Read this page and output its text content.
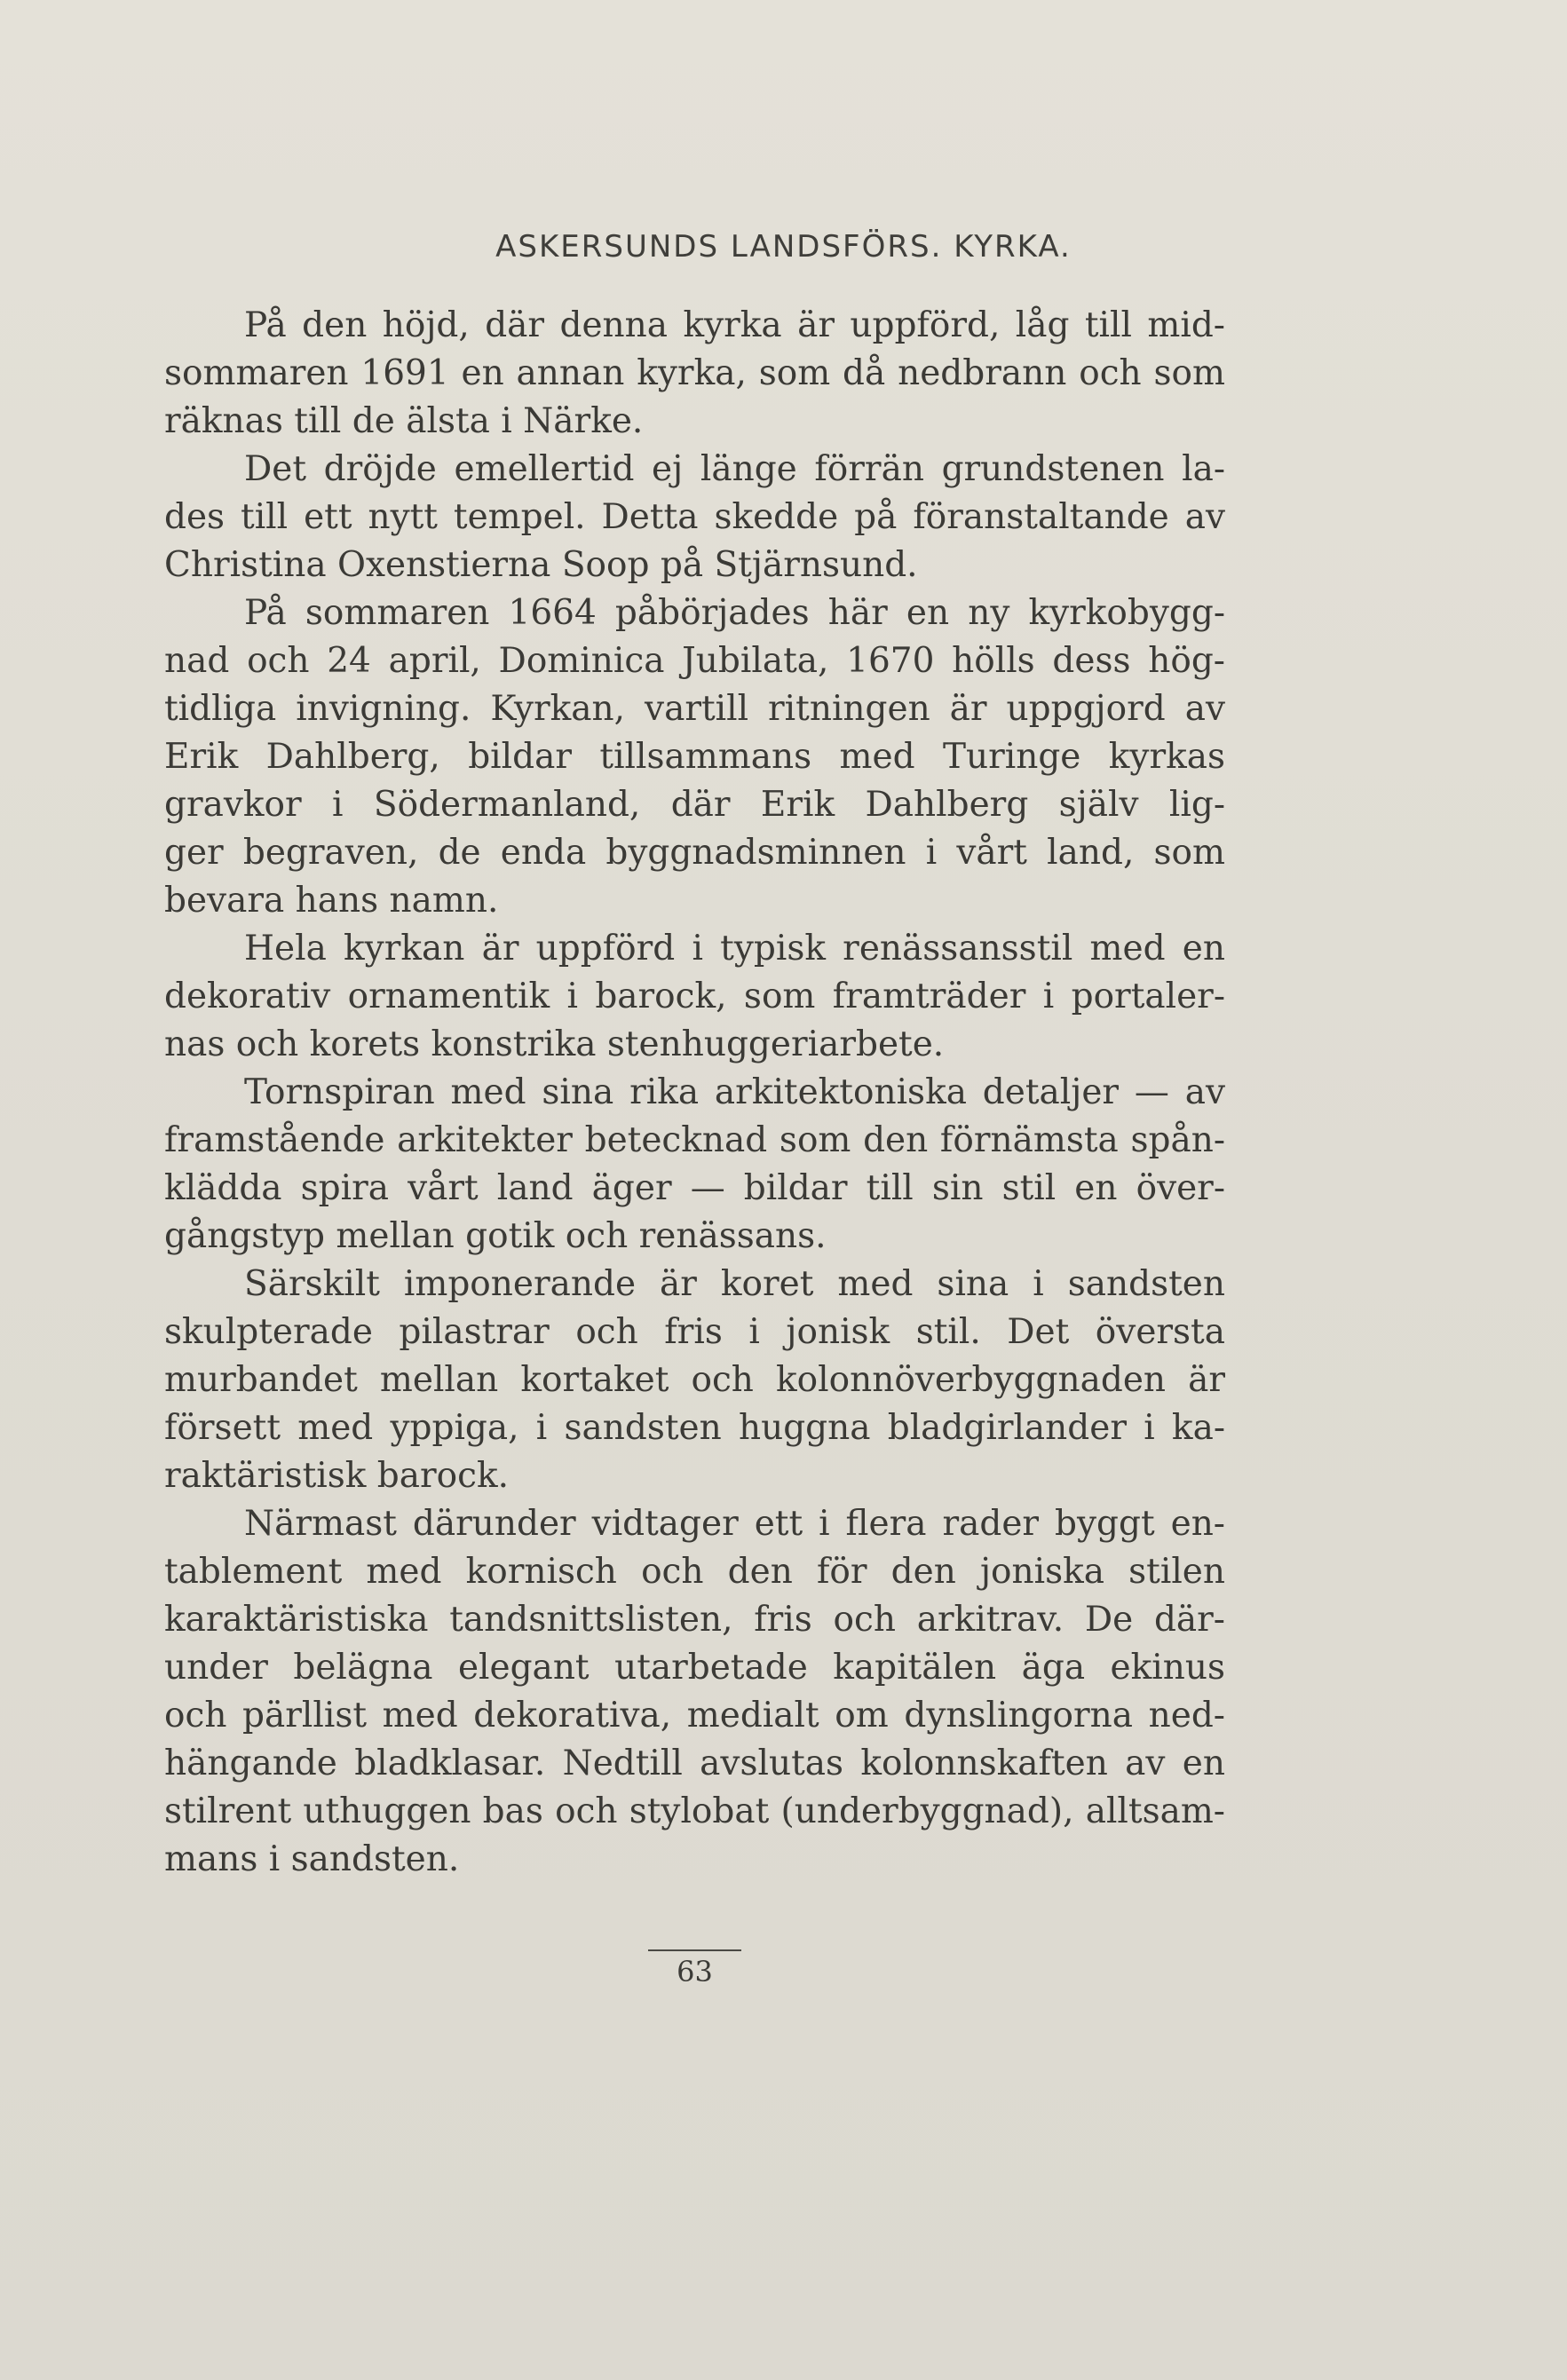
ASKERSUNDS LANDSFÖRS. KYRKA.
På den höjd, där denna kyrka är uppförd, låg till mid-
sommaren 1691 en annan kyrka, som då nedbrann och som
räknas till de älsta i Närke.
Det dröjde emellertid ej länge förrän grundstenen la-
des till ett nytt tempel. Detta skedde på föranstaltande av
Christina Oxenstierna Soop på Stjärnsund.
På sommaren 1664 påbörjades här en ny kyrkobygg-
nad och 24 april, Dominica Jubilata, 1670 hölls dess hög-
tidliga invigning. Kyrkan, vartill ritningen är uppgjord av
Erik Dahlberg, bildar tillsammans med Turinge kyrkas
gravkor i Södermanland, där Erik Dahlberg själv lig-
ger begraven, de enda byggnadsminnen i vårt land, som
bevara hans namn.
Hela kyrkan är uppförd i typisk renässansstil med en
dekorativ ornamentik i barock, som framträder i portaler-
nas och korets konstrika stenhuggeriarbete.
Tornspiran med sina rika arkitektoniska detaljer — av
framstående arkitekter betecknad som den förnämsta spån-
klädda spira vårt land äger — bildar till sin stil en över-
gångstyp mellan gotik och renässans.
Särskilt imponerande är koret med sina i sandsten
skulpterade pilastrar och fris i jonisk stil. Det översta
murbandet mellan kortaket och kolonnöverbyggnaden är
försett med yppiga, i sandsten huggna bladgirlander i ka-
raktäristisk barock.
Närmast därunder vidtager ett i flera rader byggt en-
tablement med kornisch och den för den joniska stilen
karaktäristiska tandsnittslisten, fris och arkitrav. De där-
under belägna elegant utarbetade kapitälen äga ekinus
och pärllist med dekorativa, medialt om dynslingorna ned-
hängande bladklasar. Nedtill avslutas kolonnskaften av en
stilrent uthuggen bas och stylobat (underbyggnad), alltsam-
mans i sandsten.
63
